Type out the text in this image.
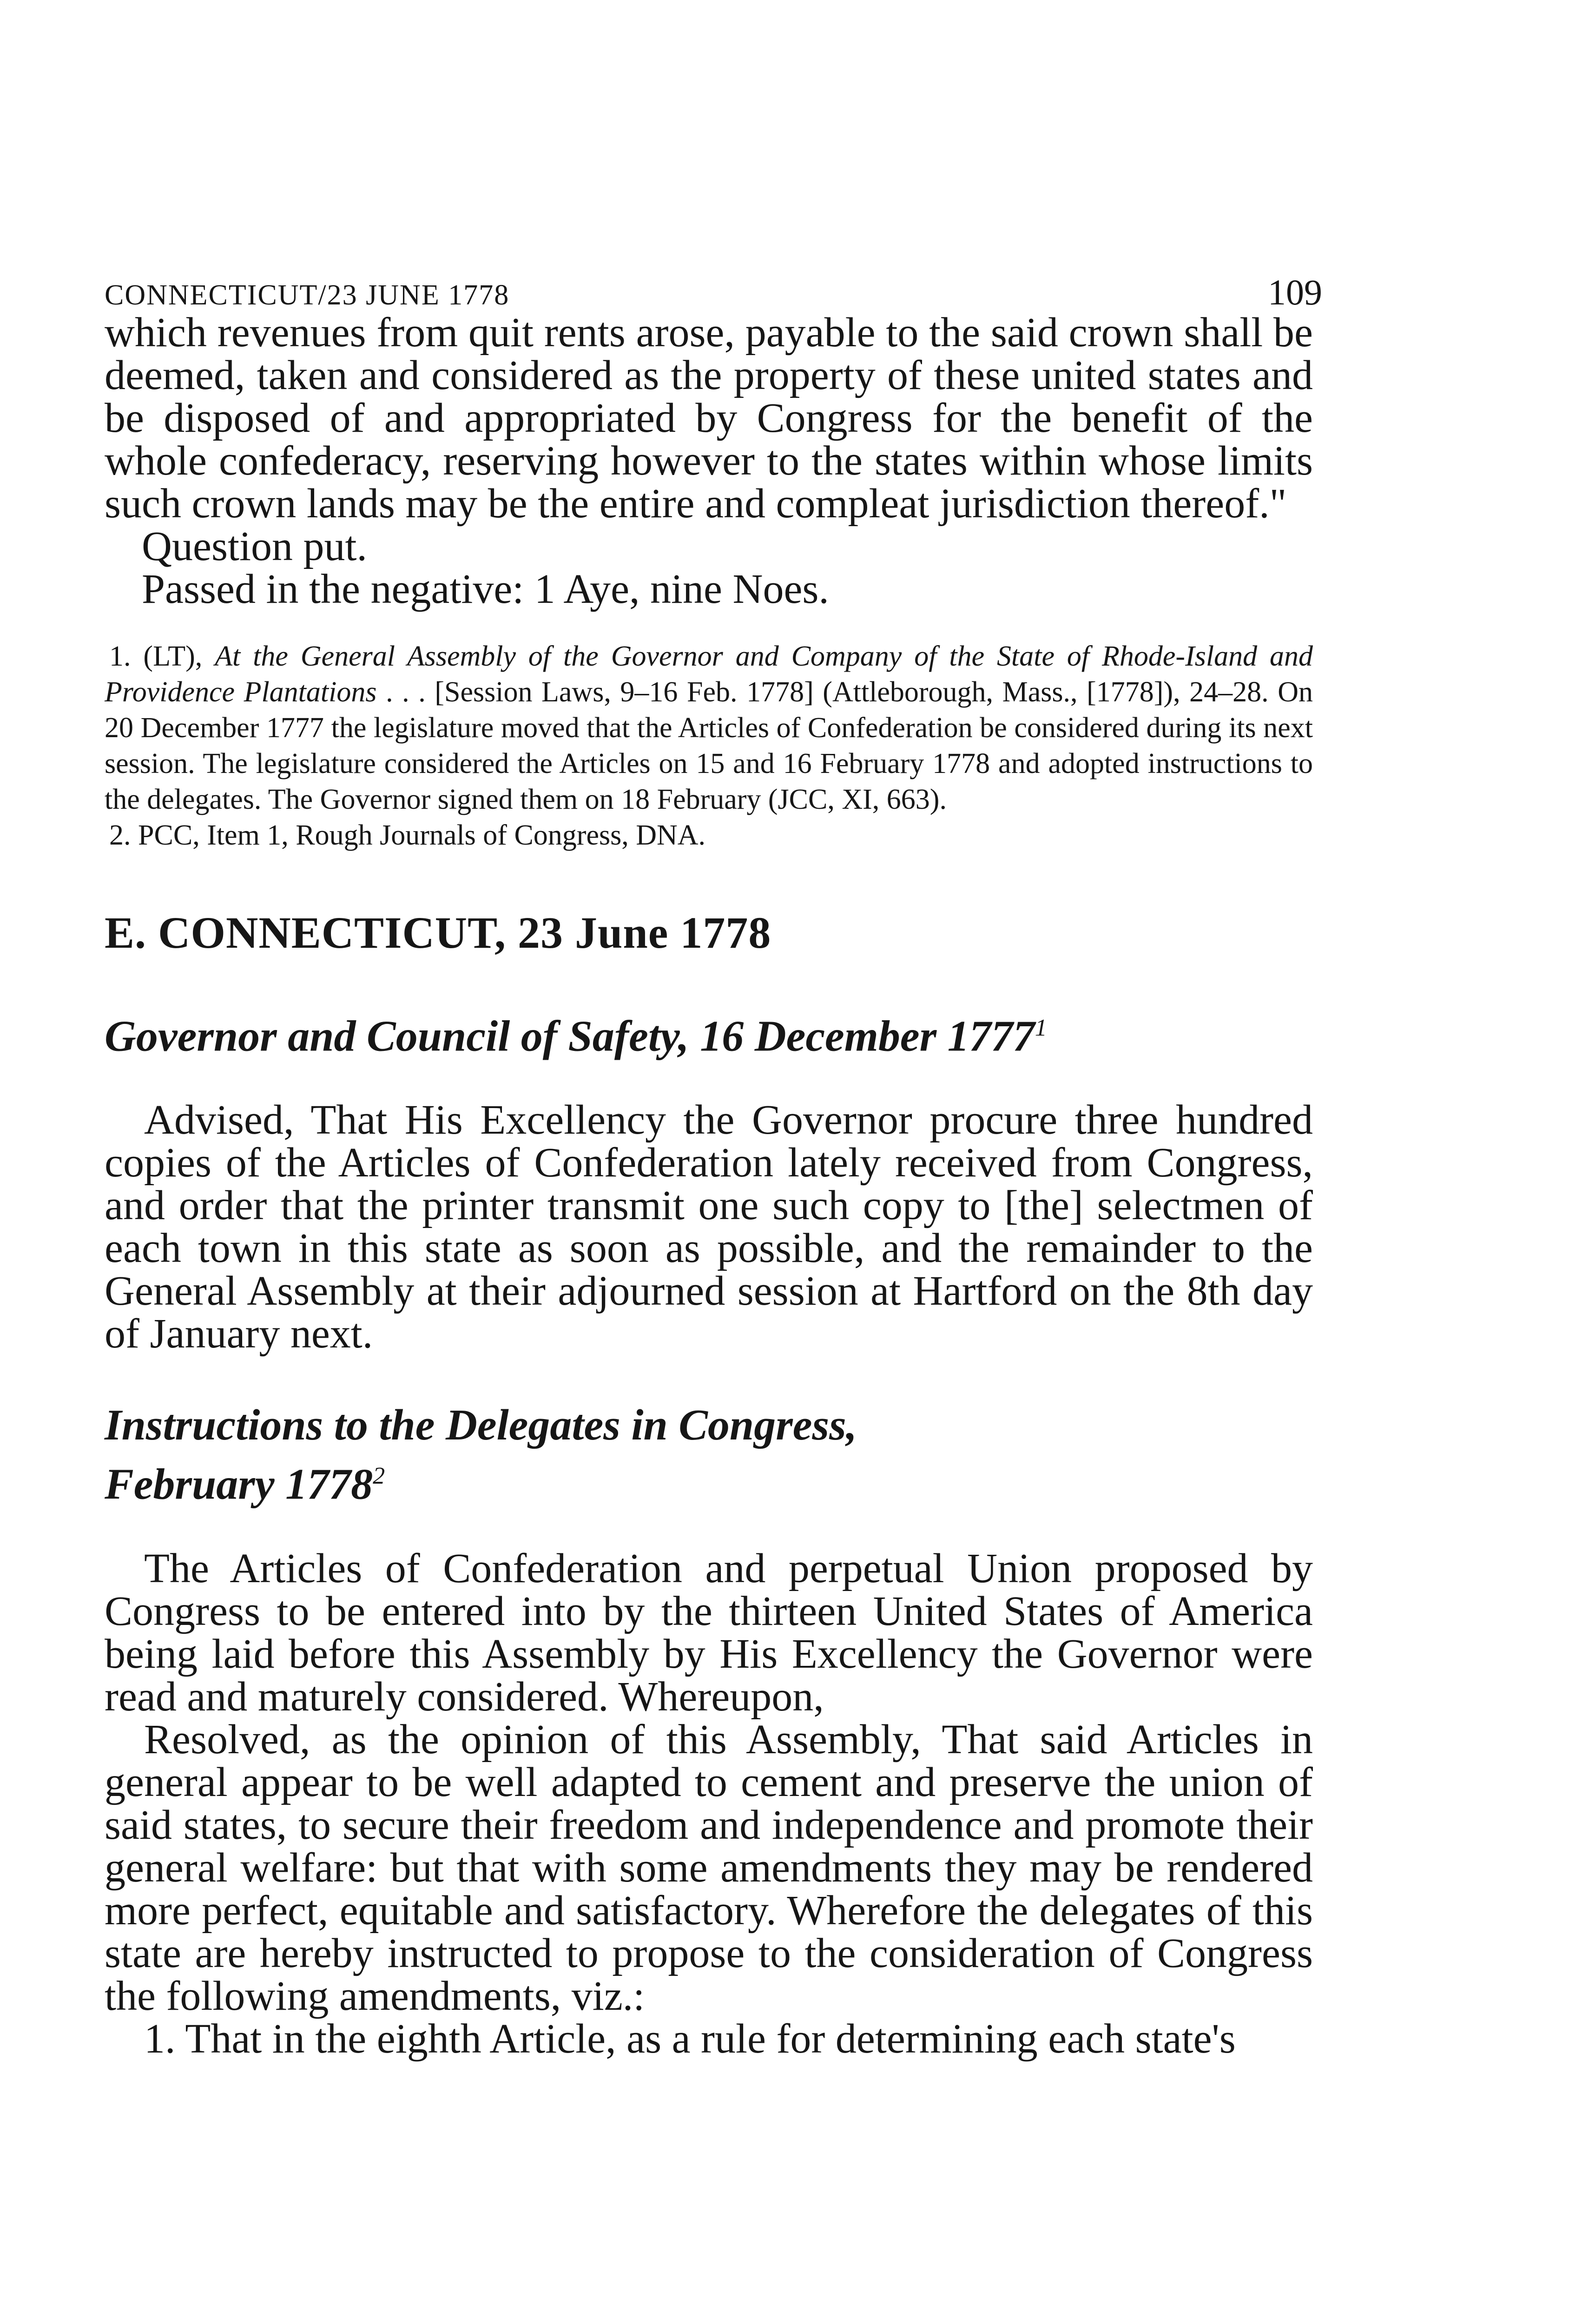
CONNECTICUT/23 JUNE 1778	109

which revenues from quit rents arose, payable to the said crown shall be deemed, taken and considered as the property of these united states and be disposed of and appropriated by Congress for the benefit of the whole confederacy, reserving however to the states within whose limits such crown lands may be the entire and compleat jurisdiction thereof."

Question put.

Passed in the negative: 1 Aye, nine Noes.

1. (LT), At the General Assembly of the Governor and Company of the State of Rhode-Island and Providence Plantations . . . [Session Laws, 9–16 Feb. 1778] (Attleborough, Mass., [1778]), 24–28. On 20 December 1777 the legislature moved that the Articles of Confederation be considered during its next session. The legislature considered the Articles on 15 and 16 February 1778 and adopted instructions to the delegates. The Governor signed them on 18 February (JCC, XI, 663).

2. PCC, Item 1, Rough Journals of Congress, DNA.

E. CONNECTICUT, 23 June 1778
Governor and Council of Safety, 16 December 1777$^1$

Advised, That His Excellency the Governor procure three hundred copies of the Articles of Confederation lately received from Congress, and order that the printer transmit one such copy to [the] selectmen of each town in this state as soon as possible, and the remainder to the General Assembly at their adjourned session at Hartford on the 8th day of January next.

Instructions to the Delegates in Congress,
February 1778$^2$

The Articles of Confederation and perpetual Union proposed by Congress to be entered into by the thirteen United States of America being laid before this Assembly by His Excellency the Governor were read and maturely considered. Whereupon,

Resolved, as the opinion of this Assembly, That said Articles in general appear to be well adapted to cement and preserve the union of said states, to secure their freedom and independence and promote their general welfare: but that with some amendments they may be rendered more perfect, equitable and satisfactory. Wherefore the delegates of this state are hereby instructed to propose to the consideration of Congress the following amendments, viz.:

1. That in the eighth Article, as a rule for determining each state's
